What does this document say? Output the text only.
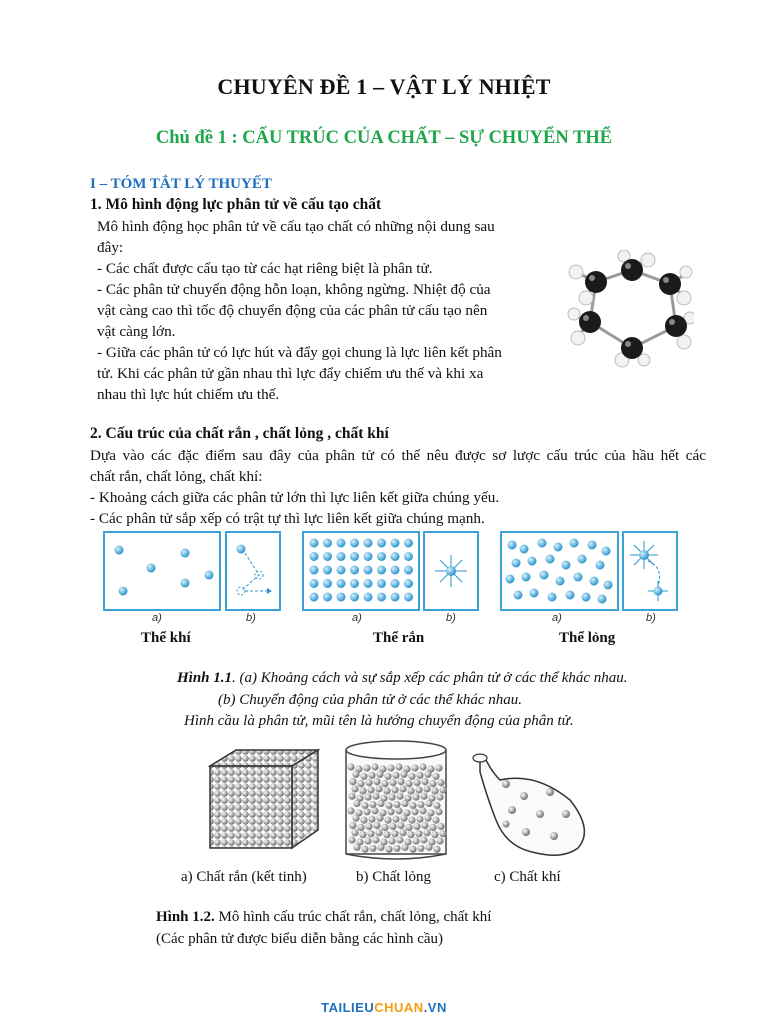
CHUYÊN ĐỀ 1 – VẬT LÝ NHIỆT
Chủ đề 1 : CẤU TRÚC CỦA CHẤT – SỰ CHUYỂN THỂ
I – TÓM TẮT LÝ THUYẾT
1. Mô hình động lực phân tử về cấu tạo chất
Mô hình động học phân tử về cấu tạo chất có những nội dung sau
đây:
- Các chất được cấu tạo từ các hạt riêng biệt là phân tử.
- Các phân tử chuyển động hỗn loạn, không ngừng. Nhiệt độ của
vật càng cao thì tốc độ chuyển động của các phân tử cấu tạo nên
vật càng lớn.
- Giữa các phân tử có lực hút và đẩy gọi chung là lực liên kết phân
tử. Khi các phân tử gần nhau thì lực đẩy chiếm ưu thế và khi xa
nhau thì lực hút chiếm ưu thế.
2. Cấu trúc của chất rắn , chất lỏng , chất khí
Dựa vào các đặc điểm sau đây của phân tử có thể nêu được sơ lược cấu trúc của hầu hết các
chất rắn, chất lỏng, chất khí:
- Khoảng cách giữa các phân tử lớn thì lực liên kết giữa chúng yếu.
- Các phân tử sắp xếp có trật tự thì lực liên kết giữa chúng mạnh.
a)	b)	a)	b)	a)	b)
Thể khí	Thể rắn	Thể lỏng
Hình 1.1. (a) Khoảng cách và sự sắp xếp các phân tử ở các thể khác nhau.
(b) Chuyển động của phân tử ở các thể khác nhau.
Hình cầu là phân tử, mũi tên là hướng chuyển động của phân tử.
a) Chất rắn (kết tinh)	b) Chất lỏng	c) Chất khí
Hình 1.2. Mô hình cấu trúc chất rắn, chất lỏng, chất khí
(Các phân tử được biểu diễn bằng các hình cầu)
TAILIEUCHUAN.VN
